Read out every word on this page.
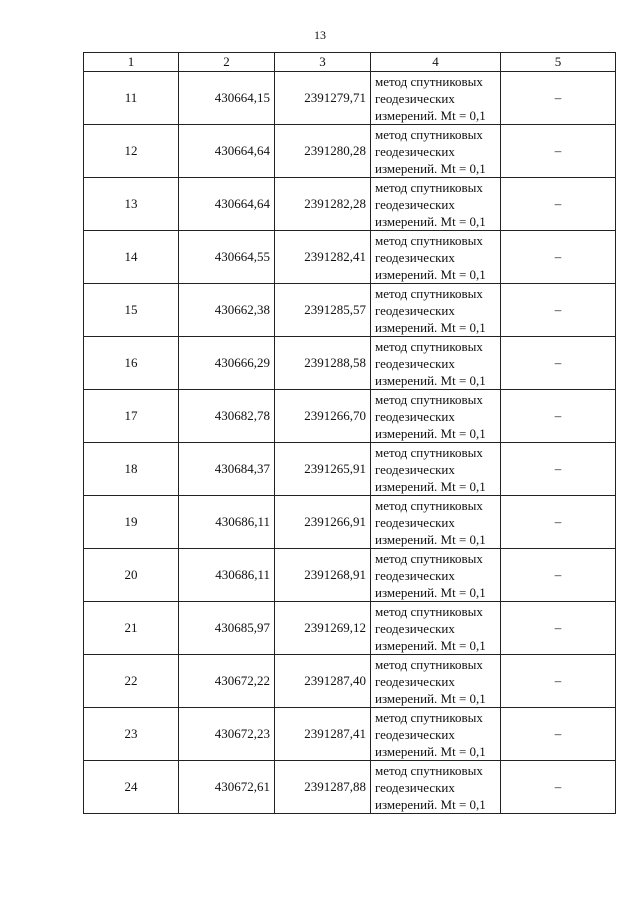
13
1	2	3	4	5
11	430664,15	2391279,71	метод спутниковых
геодезических
измерений. Mt = 0,1	–
12	430664,64	2391280,28	метод спутниковых
геодезических
измерений. Mt = 0,1	–
13	430664,64	2391282,28	метод спутниковых
геодезических
измерений. Mt = 0,1	–
14	430664,55	2391282,41	метод спутниковых
геодезических
измерений. Mt = 0,1	–
15	430662,38	2391285,57	метод спутниковых
геодезических
измерений. Mt = 0,1	–
16	430666,29	2391288,58	метод спутниковых
геодезических
измерений. Mt = 0,1	–
17	430682,78	2391266,70	метод спутниковых
геодезических
измерений. Mt = 0,1	–
18	430684,37	2391265,91	метод спутниковых
геодезических
измерений. Mt = 0,1	–
19	430686,11	2391266,91	метод спутниковых
геодезических
измерений. Mt = 0,1	–
20	430686,11	2391268,91	метод спутниковых
геодезических
измерений. Mt = 0,1	–
21	430685,97	2391269,12	метод спутниковых
геодезических
измерений. Mt = 0,1	–
22	430672,22	2391287,40	метод спутниковых
геодезических
измерений. Mt = 0,1	–
23	430672,23	2391287,41	метод спутниковых
геодезических
измерений. Mt = 0,1	–
24	430672,61	2391287,88	метод спутниковых
геодезических
измерений. Mt = 0,1	–
